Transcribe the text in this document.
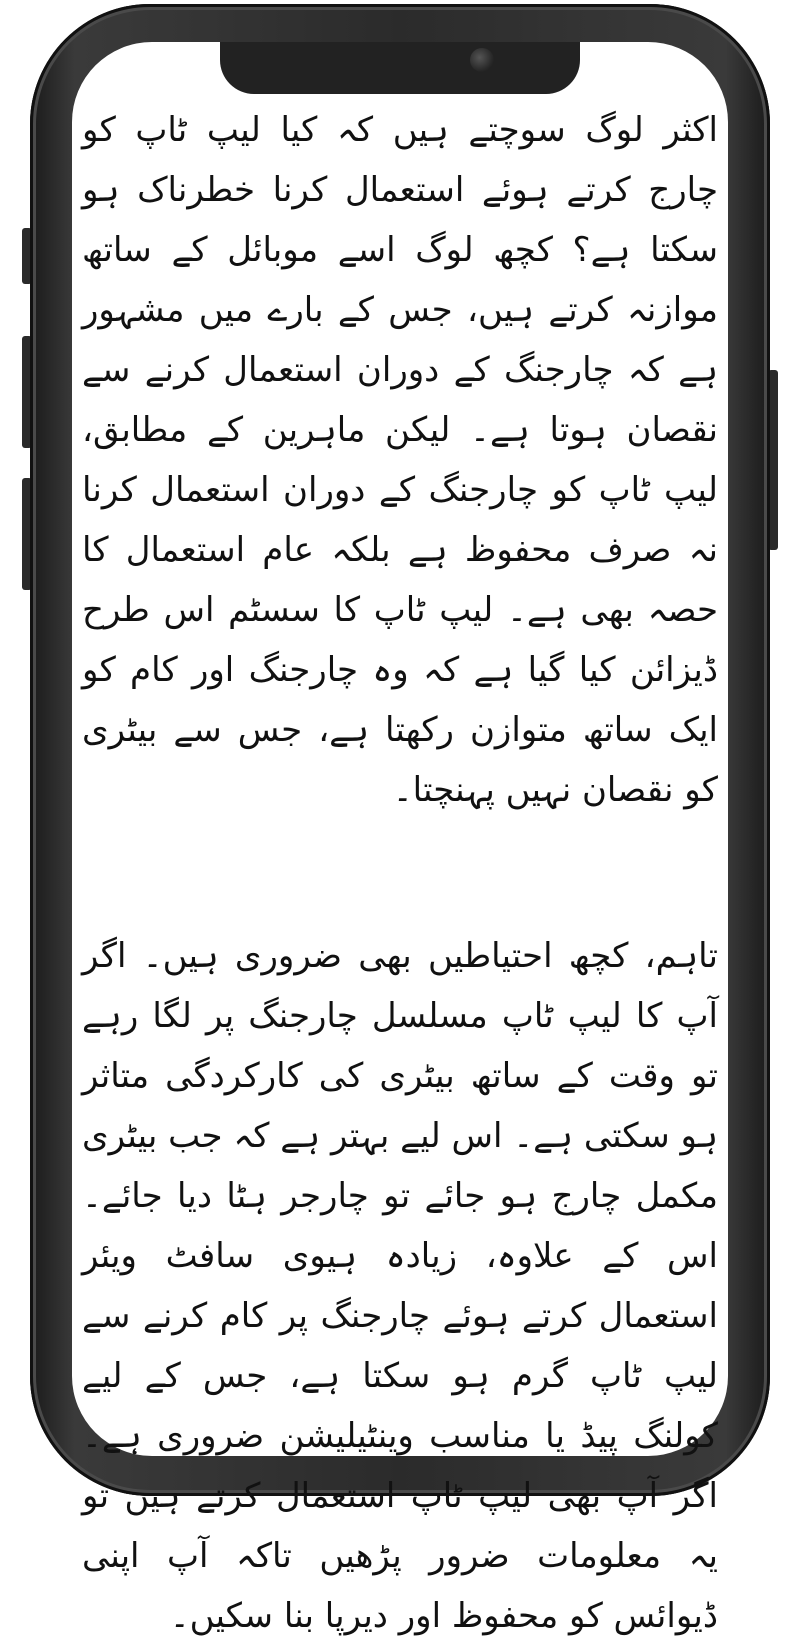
اکثر لوگ سوچتے ہیں کہ کیا لیپ ٹاپ کو چارج کرتے ہوئے استعمال کرنا خطرناک ہو سکتا ہے؟ کچھ لوگ اسے موبائل کے ساتھ موازنہ کرتے ہیں، جس کے بارے میں مشہور ہے کہ چارجنگ کے دوران استعمال کرنے سے نقصان ہوتا ہے۔ لیکن ماہرین کے مطابق، لیپ ٹاپ کو چارجنگ کے دوران استعمال کرنا نہ صرف محفوظ ہے بلکہ عام استعمال کا حصہ بھی ہے۔ لیپ ٹاپ کا سسٹم اس طرح ڈیزائن کیا گیا ہے کہ وہ چارجنگ اور کام کو ایک ساتھ متوازن رکھتا ہے، جس سے بیٹری کو نقصان نہیں پہنچتا۔

تاہم، کچھ احتیاطیں بھی ضروری ہیں۔ اگر آپ کا لیپ ٹاپ مسلسل چارجنگ پر لگا رہے تو وقت کے ساتھ بیٹری کی کارکردگی متاثر ہو سکتی ہے۔ اس لیے بہتر ہے کہ جب بیٹری مکمل چارج ہو جائے تو چارجر ہٹا دیا جائے۔ اس کے علاوہ، زیادہ ہیوی سافٹ ویئر استعمال کرتے ہوئے چارجنگ پر کام کرنے سے لیپ ٹاپ گرم ہو سکتا ہے، جس کے لیے کولنگ پیڈ یا مناسب وینٹیلیشن ضروری ہے۔ اگر آپ بھی لیپ ٹاپ استعمال کرتے ہیں تو یہ معلومات ضرور پڑھیں تاکہ آپ اپنی ڈیوائس کو محفوظ اور دیرپا بنا سکیں۔
